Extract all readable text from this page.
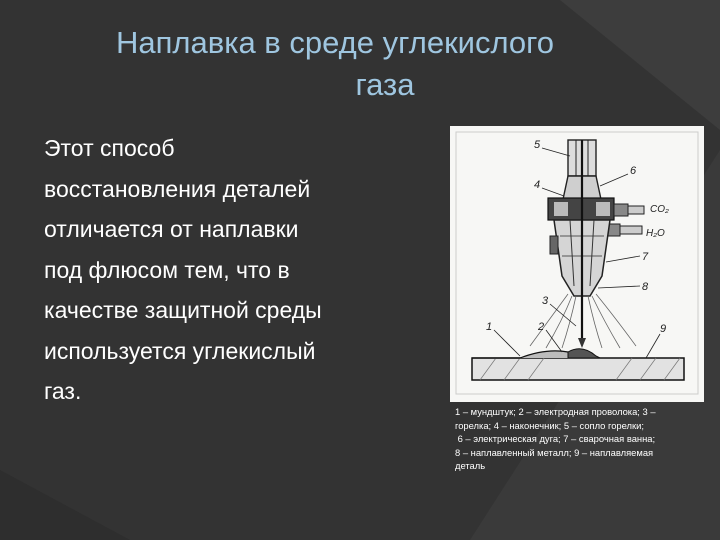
Наплавка в среде углекислого
газа
Этот способ
восстановления деталей
отличается от наплавки
под флюсом тем, что в
качестве защитной среды
используется углекислый
газ.
CO₂
H₂O
5
4
6
7
8
3
1	2	9

1 – мундштук; 2 – электродная проволока; 3 –
горелка; 4 – наконечник; 5 – сопло горелки;
6 – электрическая дуга; 7 – сварочная ванна;
8 – наплавленный металл; 9 – наплавляемая
деталь
